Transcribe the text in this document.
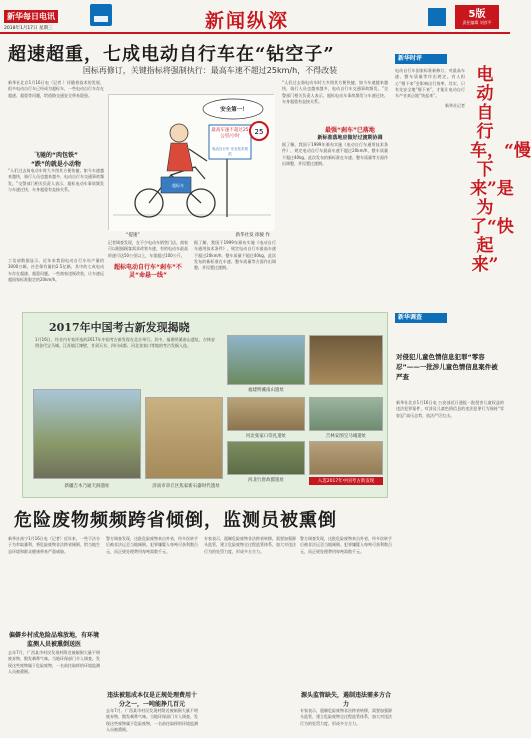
新华每日电讯
2018年1月17日 星期三	新闻纵深	5版
责任编辑 刘彦平
超速超重，七成电动自行车在“钻空子”
国标再修订，关键指标将强制执行：最高车速不超过25km/h，不得改装
新华社北京1月16日电（记者 ）伴随着技术的发展，很多电动自行车已经成为超标车，一些电动自行车存在超速、超重等问题，给道路交通安全带来隐患。
飞驰的“肉包铁”
“跌”的就是小动物
“人们过去骑电动车时大多图其方便快捷，如今车速越来越快，骑行人员也越来越多，电动自行车交通事故频发。”交警部门相关负责人表示，超标电动车事故频发与车速过快、车身超重有直接关系。
工信部数据显示，近年来我国电动自行车年产量约3000万辆，社会保有量约2.5亿辆，其中约七成电动车存在超速、超重问题。一些商家违规改装，让车速远超国家标准限定的20km/h。
25
最高车速不超过25公里/小时
电动自行车 安全技术规范
安全第一！
超标车
“提速”	新华社发 徐骏 作
记者调查发现，在不少电动车销售门店，商家可以根据顾客需求改装车速，有的电动车最高时速可达50公里以上，车重超过100公斤。
据了解，我国于1999年颁布实施《电动自行车通用技术条件》，规定电动自行车最高车速不超过20km/h，整车质量不超过40kg。此次发布的新标准在车速、整车质量等方面作出调整，并设置过渡期。
超标电动自行车“刹车”不灵“命悬一线”
最强“刹车”已落地
新标准落地应做好过渡期协调
“人们过去骑电动车时大多图其方便快捷，如今车速越来越快，骑行人员也越来越多，电动自行车交通事故频发。”交警部门相关负责人表示，超标电动车事故频发与车速过快、车身超重有直接关系。
据了解，我国于1999年颁布实施《电动自行车通用技术条件》，规定电动自行车最高车速不超过20km/h，整车质量不超过40kg。此次发布的新标准在车速、整车质量等方面作出调整，并设置过渡期。
新华时评
电动自行车国家标准新修订，对最高车速、整车质量等作出规定。有人担心“慢下来”会影响出行效率，其实，只有先安全地“慢下来”，才能让电动自行车产业真正地“快起来”。
新华社记者
电动自行车，“慢下来”是为了“快起来”
新华调查
对侵犯儿童色情信息犯罪“零容忍”——一批涉儿童色情信息案件被严查
新华社北京1月16日电 公安部近日通报一批侵害儿童权益的违法犯罪案件，对涉及儿童色情信息的违法犯罪行为保持“零容忍”高压态势，依法严厉打击。
2017年中国考古新发现揭晓
1月16日，经业内专家评选的2017年中国考古新发现在北京举行。其中，福建明溪南山遗址、吉林安图金代宝马城、江苏镇江谏壁、甘肃天水、四川成都、河北张家口等地的考古发掘入选。
福建明溪南山遗址
河北张家口崇礼遗址	吉林安图宝马城遗址
新疆吉木乃通天洞遗址	济南市章丘区焦家新石器时代遗址
河北行唐故郡遗址	入选2017年中国考古新发现
危险废物频频跨省倾倒，监测员被熏倒
新华社南宁1月16日电（记者）近年来，一些不法分子为牟取暴利，将危险废物非法跨省倾倒，给当地生态环境和群众健康带来严重威胁。
偏僻乡村成危险品堆放地，有环境监测人员被熏倒送医
去年7月，广西某市村民发现村附近被倾倒大量不明废弃物，散发刺鼻气味。当地环保部门介入调查，发现这些废物属于危险废物，一名前往取样的环境监测人员被熏倒。
警方调查发现，这批危险废物来自外省，经多次转手后被非法运至当地倾倒。犯罪嫌疑人每吨可获利数百元，而正规处理费用每吨需数千元。
违法被惩成本仅是正规处理费用十分之一，一吨能挣几百元
去年7月，广西某市村民发现村附近被倾倒大量不明废弃物，散发刺鼻气味。当地环保部门介入调查，发现这些废物属于危险废物，一名前往取样的环境监测人员被熏倒。
专家表示，遏制危险废物非法跨省转移，需要加强源头监管，建立危险废物全过程监管体系，加大对违法行为的处罚力度，形成多方合力。
警方调查发现，这批危险废物来自外省，经多次转手后被非法运至当地倾倒。犯罪嫌疑人每吨可获利数百元，而正规处理费用每吨需数千元。
源头监管缺失，遏制违法需多方合力
专家表示，遏制危险废物非法跨省转移，需要加强源头监管，建立危险废物全过程监管体系，加大对违法行为的处罚力度，形成多方合力。
